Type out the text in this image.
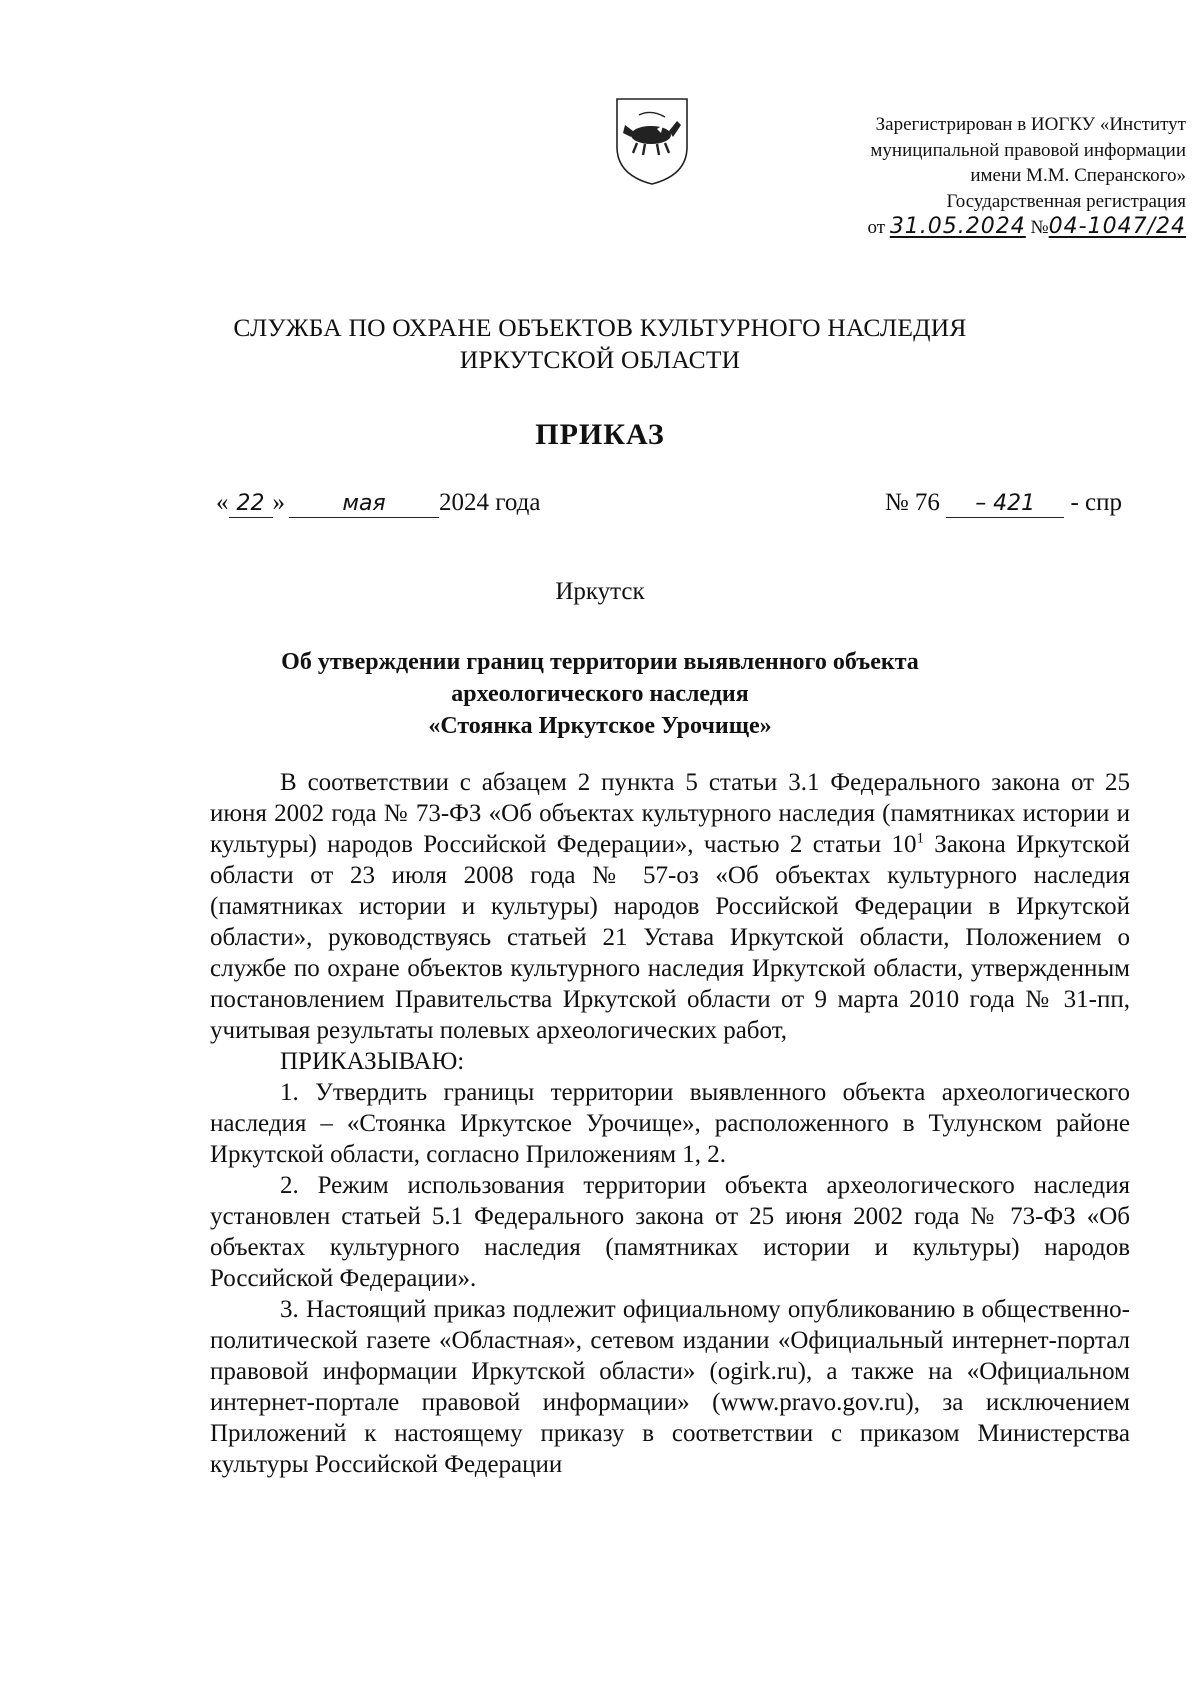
Зарегистрирован в ИОГКУ «Институт
муниципальной правовой информации
имени М.М. Сперанского»
Государственная регистрация
от 31.05.2024 №04-1047/24
СЛУЖБА ПО ОХРАНЕ ОБЪЕКТОВ КУЛЬТУРНОГО НАСЛЕДИЯ
ИРКУТСКОЙ ОБЛАСТИ
ПРИКАЗ
« 22 »	мая 2024 года	№ 76 – 421 - спр
Иркутск
Об утверждении границ территории выявленного объекта
археологического наследия
«Стоянка Иркутское Урочище»

В соответствии с абзацем 2 пункта 5 статьи 3.1 Федерального закона от 25 июня 2002 года № 73-ФЗ «Об объектах культурного наследия (памятниках истории и культуры) народов Российской Федерации», частью 2 статьи $10^1$ Закона Иркутской области от 23 июля 2008 года № 57-оз «Об объектах культурного наследия (памятниках истории и культуры) народов Российской Федерации в Иркутской области», руководствуясь статьей 21 Устава Иркутской области, Положением о службе по охране объектов культурного наследия Иркутской области, утвержденным постановлением Правительства Иркутской области от 9 марта 2010 года № 31-пп, учитывая результаты полевых археологических работ,

ПРИКАЗЫВАЮ:

1. Утвердить границы территории выявленного объекта археологического наследия – «Стоянка Иркутское Урочище», расположенного в Тулунском районе Иркутской области, согласно Приложениям 1, 2.

2. Режим использования территории объекта археологического наследия установлен статьей 5.1 Федерального закона от 25 июня 2002 года № 73-ФЗ «Об объектах культурного наследия (памятниках истории и культуры) народов Российской Федерации».

3. Настоящий приказ подлежит официальному опубликованию в общественно-политической газете «Областная», сетевом издании «Официальный интернет-портал правовой информации Иркутской области» (ogirk.ru), а также на «Официальном интернет-портале правовой информации» (www.pravo.gov.ru), за исключением Приложений к настоящему приказу в соответствии с приказом Министерства культуры Российской Федерации
